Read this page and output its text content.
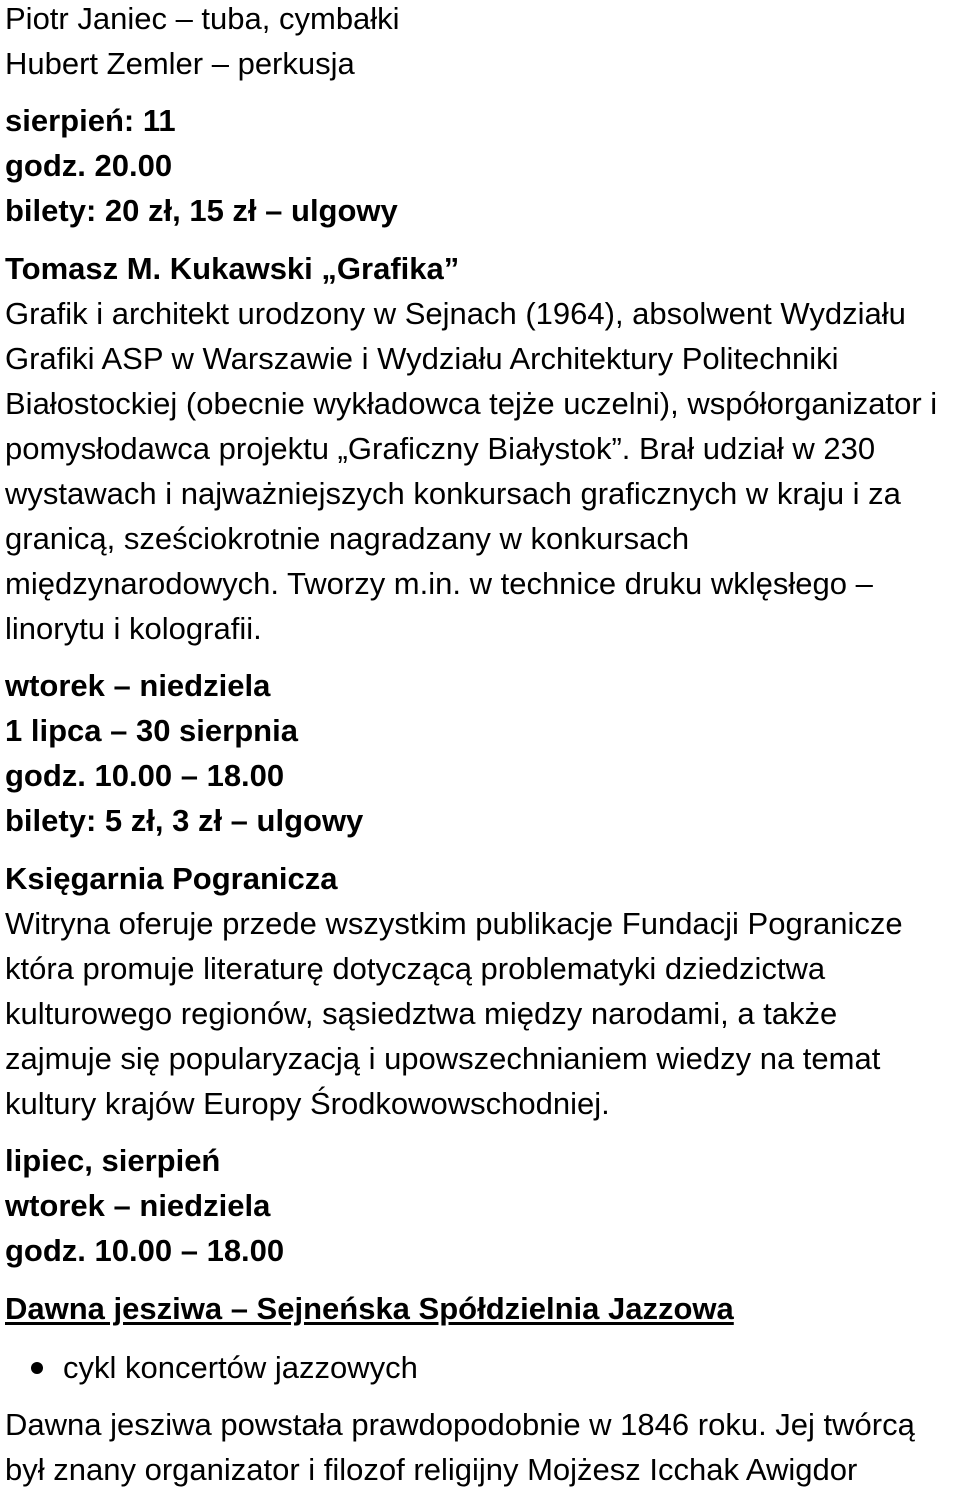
Piotr Janiec – tuba, cymbałki
Hubert Zemler – perkusja
sierpień: 11
godz. 20.00
bilety: 20 zł, 15 zł – ulgowy
Tomasz M. Kukawski „Grafika”
Grafik i architekt urodzony w Sejnach (1964), absolwent Wydziału
Grafiki ASP w Warszawie i Wydziału Architektury Politechniki
Białostockiej (obecnie wykładowca tejże uczelni), współorganizator i
pomysłodawca projektu „Graficzny Białystok”. Brał udział w 230
wystawach i najważniejszych konkursach graficznych w kraju i za
granicą, sześciokrotnie nagradzany w konkursach
międzynarodowych. Tworzy m.in. w technice druku wklęsłego –
linorytu i kolografii.
wtorek – niedziela
1 lipca – 30 sierpnia
godz. 10.00 – 18.00
bilety: 5 zł, 3 zł – ulgowy
Księgarnia Pogranicza
Witryna oferuje przede wszystkim publikacje Fundacji Pogranicze
która promuje literaturę dotyczącą problematyki dziedzictwa
kulturowego regionów, sąsiedztwa między narodami, a także
zajmuje się popularyzacją i upowszechnianiem wiedzy na temat
kultury krajów Europy Środkowowschodniej.
lipiec, sierpień
wtorek – niedziela
godz. 10.00 – 18.00
Dawna jesziwa – Sejneńska Spółdzielnia Jazzowa
cykl koncertów jazzowych
Dawna jesziwa powstała prawdopodobnie w 1846 roku. Jej twórcą
był znany organizator i filozof religijny Mojżesz Icchak Awigdor
